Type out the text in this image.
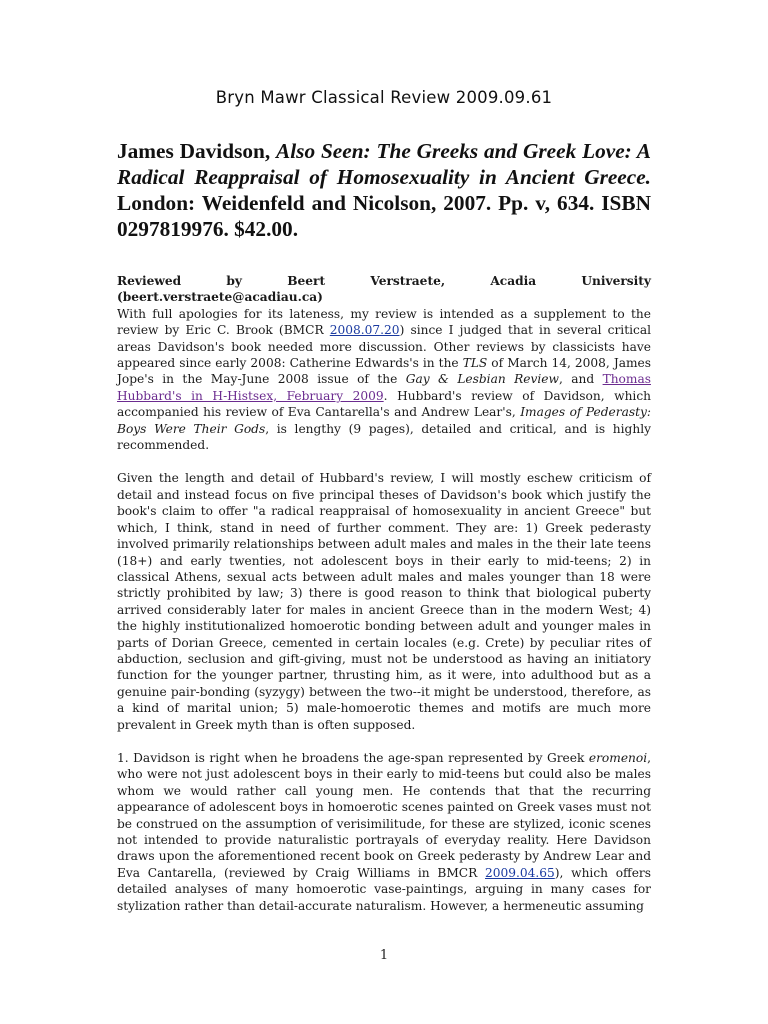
Bryn Mawr Classical Review 2009.09.61
James Davidson, Also Seen: The Greeks and Greek Love: A Radical Reappraisal of Homosexuality in Ancient Greece. London: Weidenfeld and Nicolson, 2007. Pp. v, 634. ISBN 0297819976. $42.00.

Reviewed by Beert Verstraete, Acadia University (beert.verstraete@acadiau.ca)
With full apologies for its lateness, my review is intended as a supplement to the review by Eric C. Brook (BMCR 2008.07.20) since I judged that in several critical areas Davidson's book needed more discussion. Other reviews by classicists have appeared since early 2008: Catherine Edwards's in the TLS of March 14, 2008, James Jope's in the May-June 2008 issue of the Gay & Lesbian Review, and Thomas Hubbard's in H-Histsex, February 2009. Hubbard's review of Davidson, which accompanied his review of Eva Cantarella's and Andrew Lear's, Images of Pederasty: Boys Were Their Gods, is lengthy (9 pages), detailed and critical, and is highly recommended.

Given the length and detail of Hubbard's review, I will mostly eschew criticism of detail and instead focus on five principal theses of Davidson's book which justify the book's claim to offer "a radical reappraisal of homosexuality in ancient Greece" but which, I think, stand in need of further comment. They are: 1) Greek pederasty involved primarily relationships between adult males and males in the their late teens (18+) and early twenties, not adolescent boys in their early to mid-teens; 2) in classical Athens, sexual acts between adult males and males younger than 18 were strictly prohibited by law; 3) there is good reason to think that biological puberty arrived considerably later for males in ancient Greece than in the modern West; 4) the highly institutionalized homoerotic bonding between adult and younger males in parts of Dorian Greece, cemented in certain locales (e.g. Crete) by peculiar rites of abduction, seclusion and gift-giving, must not be understood as having an initiatory function for the younger partner, thrusting him, as it were, into adulthood but as a genuine pair-bonding (syzygy) between the two--it might be understood, therefore, as a kind of marital union; 5) male-homoerotic themes and motifs are much more prevalent in Greek myth than is often supposed.

1. Davidson is right when he broadens the age-span represented by Greek eromenoi, who were not just adolescent boys in their early to mid-teens but could also be males whom we would rather call young men. He contends that that the recurring appearance of adolescent boys in homoerotic scenes painted on Greek vases must not be construed on the assumption of verisimilitude, for these are stylized, iconic scenes not intended to provide naturalistic portrayals of everyday reality. Here Davidson draws upon the aforementioned recent book on Greek pederasty by Andrew Lear and Eva Cantarella, (reviewed by Craig Williams in BMCR 2009.04.65), which offers detailed analyses of many homoerotic vase-paintings, arguing in many cases for stylization rather than detail-accurate naturalism. However, a hermeneutic assuming

1
